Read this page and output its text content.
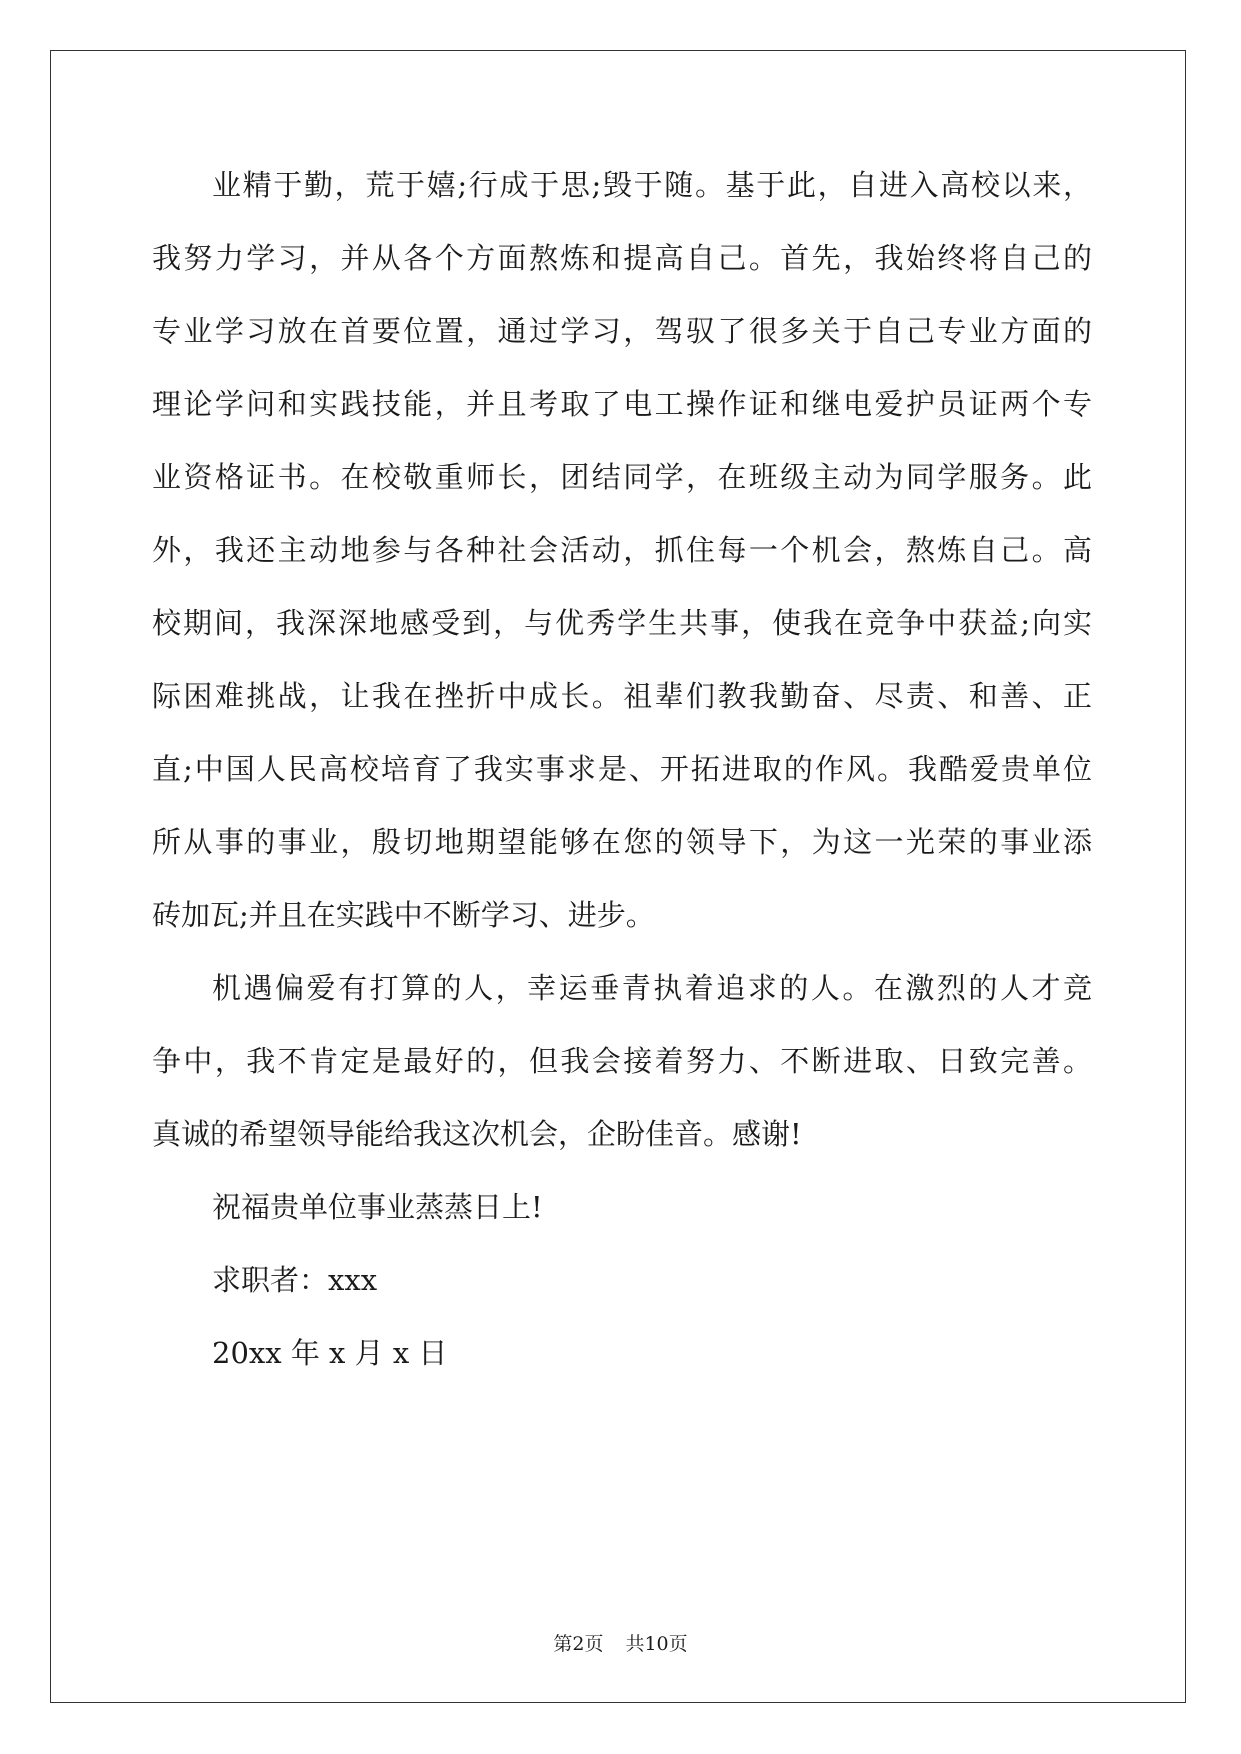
业精于勤，荒于嬉;行成于思;毁于随。基于此，自进入高校以来，
我努力学习，并从各个方面熬炼和提高自己。首先，我始终将自己的
专业学习放在首要位置，通过学习，驾驭了很多关于自己专业方面的
理论学问和实践技能，并且考取了电工操作证和继电爱护员证两个专
业资格证书。在校敬重师长，团结同学，在班级主动为同学服务。此
外，我还主动地参与各种社会活动，抓住每一个机会，熬炼自己。高
校期间，我深深地感受到，与优秀学生共事，使我在竞争中获益;向实
际困难挑战，让我在挫折中成长。祖辈们教我勤奋、尽责、和善、正
直;中国人民高校培育了我实事求是、开拓进取的作风。我酷爱贵单位
所从事的事业，殷切地期望能够在您的领导下，为这一光荣的事业添
砖加瓦;并且在实践中不断学习、进步。
机遇偏爱有打算的人，幸运垂青执着追求的人。在激烈的人才竞
争中，我不肯定是最好的，但我会接着努力、不断进取、日致完善。
真诚的希望领导能给我这次机会，企盼佳音。感谢!
祝福贵单位事业蒸蒸日上!
求职者：xxx
20xx 年 x 月 x 日
第2页 共10页
